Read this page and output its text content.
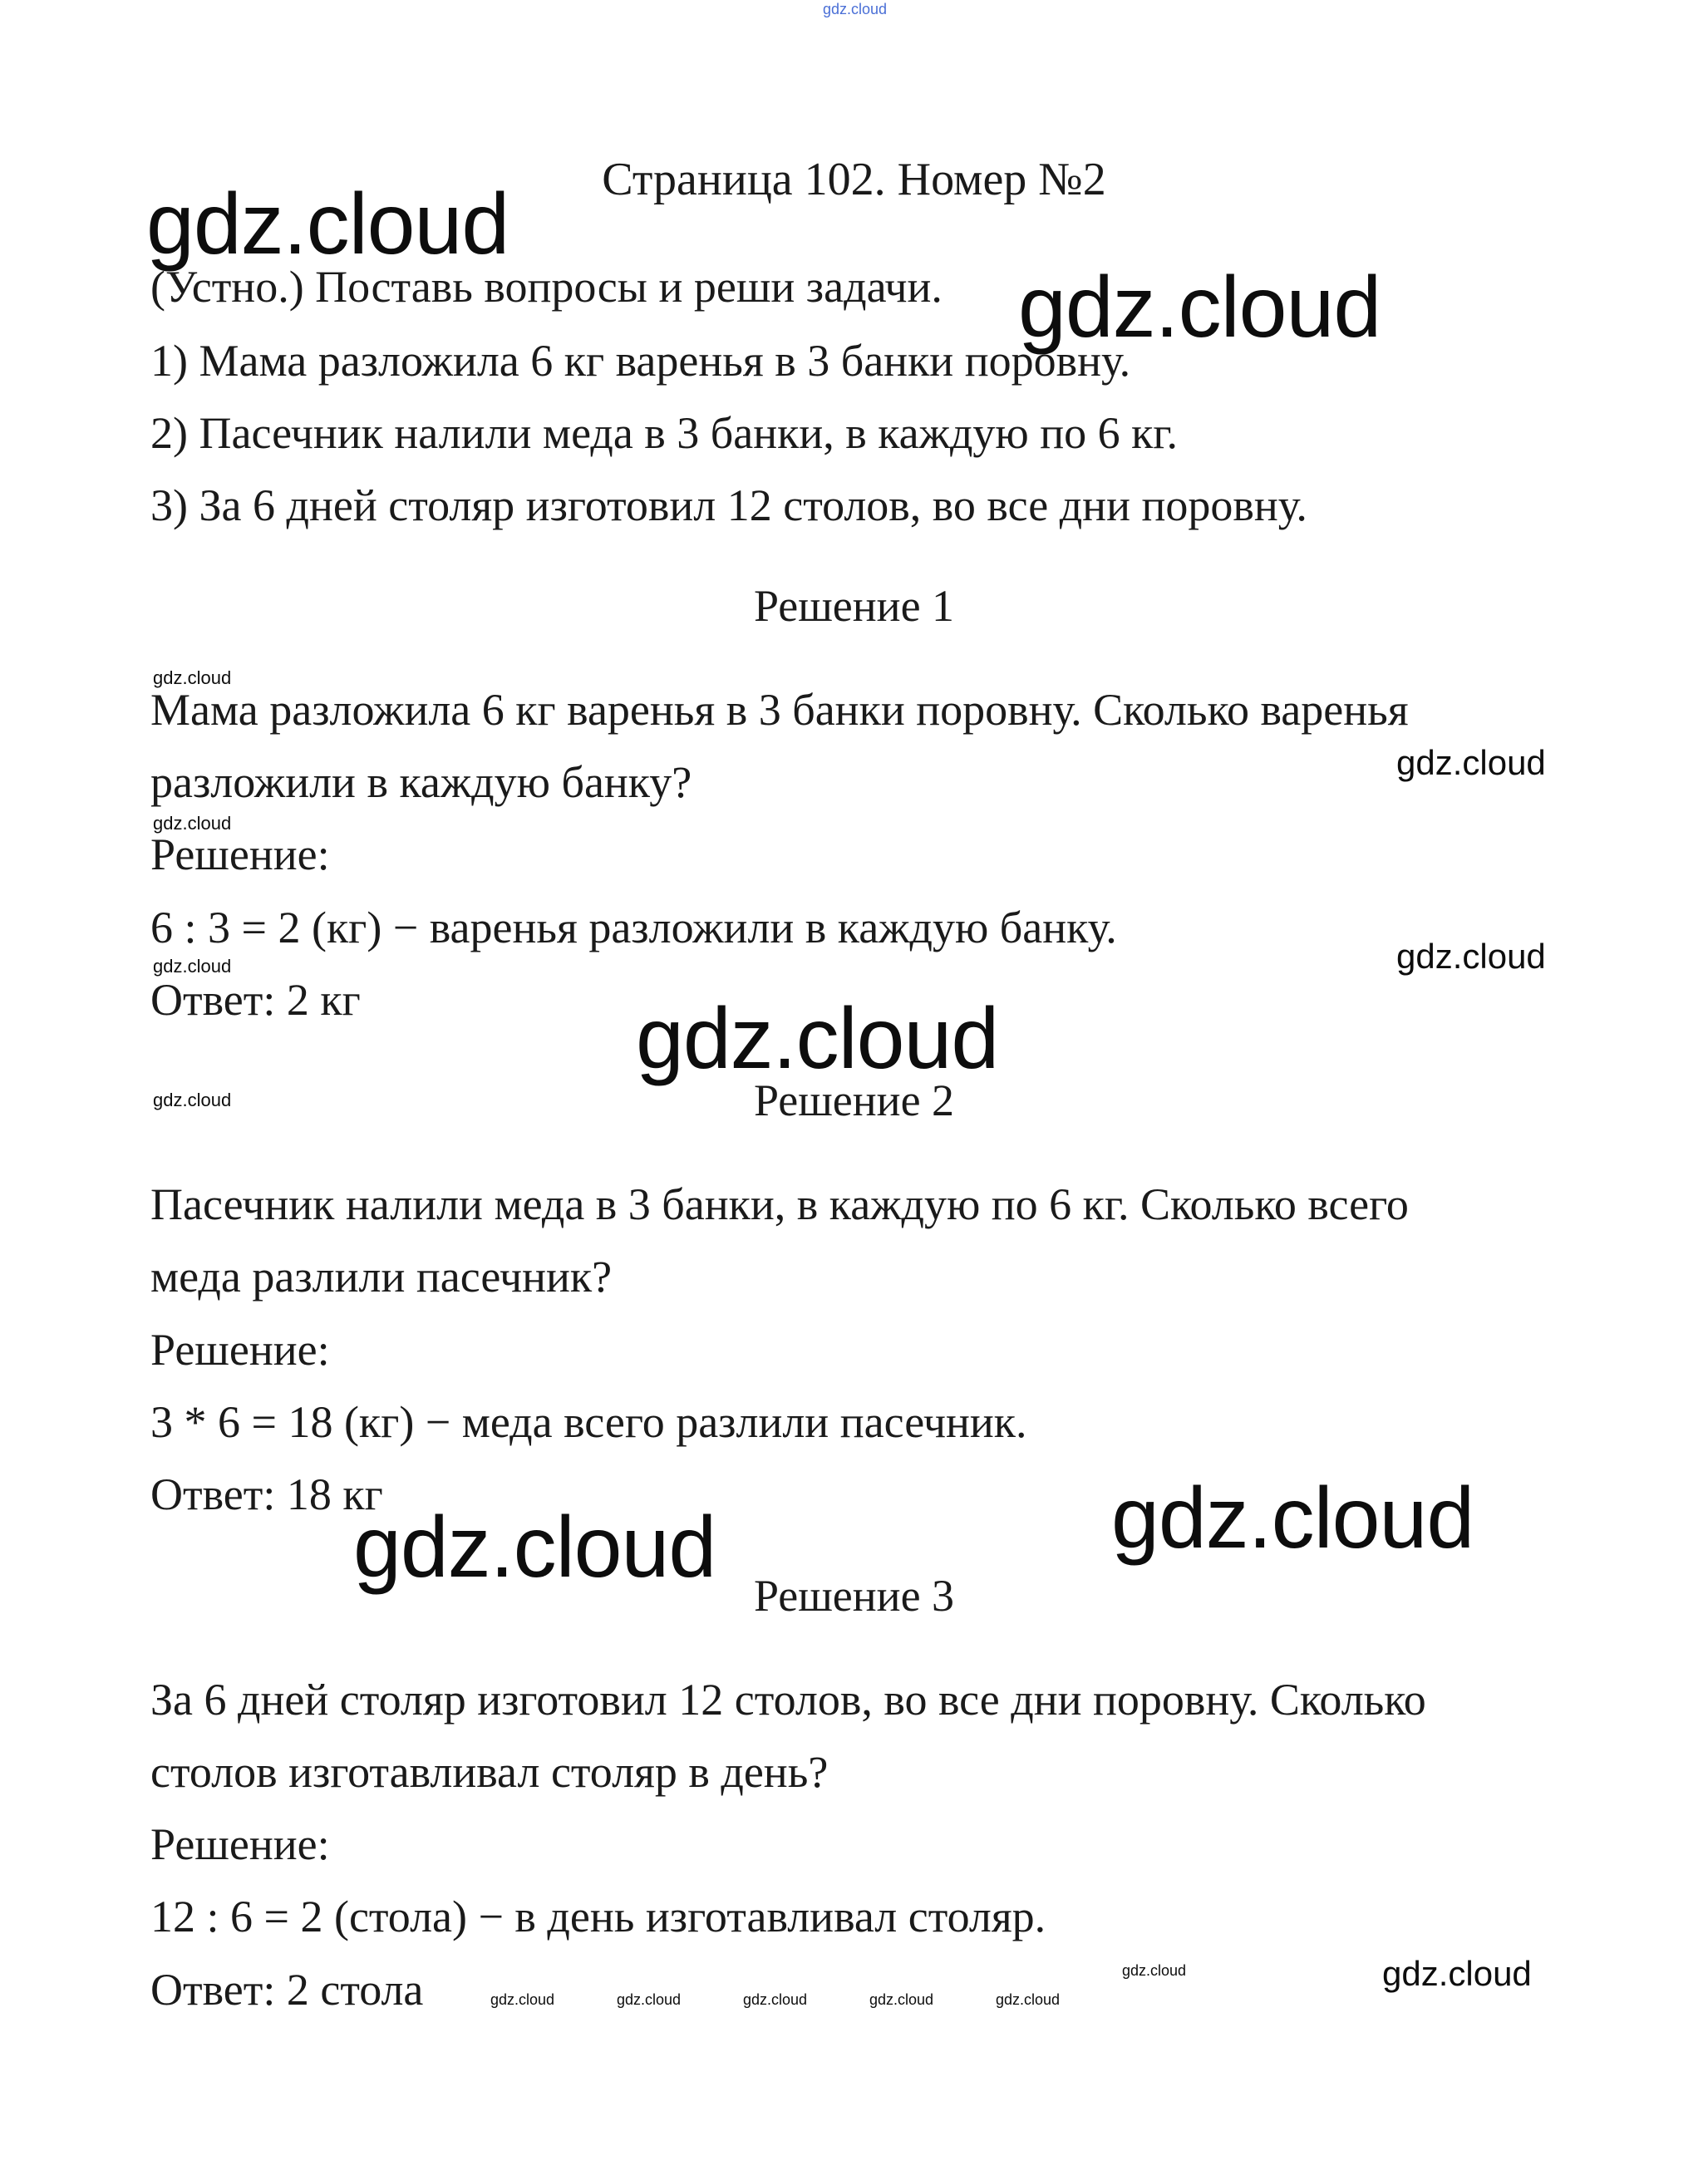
Страница 102. Номер №2

(Устно.) Поставь вопросы и реши задачи.

1) Мама разложила 6 кг варенья в 3 банки поровну.

2) Пасечник налили меда в 3 банки, в каждую по 6 кг.

3) За 6 дней столяр изготовил 12 столов, во все дни поровну.

Решение 1

Мама разложила 6 кг варенья в 3 банки поровну. Сколько варенья

разложили в каждую банку?

Решение:

6 : 3 = 2 (кг) − варенья разложили в каждую банку.

Ответ: 2 кг

Решение 2

Пасечник налили меда в 3 банки, в каждую по 6 кг. Сколько всего

меда разлили пасечник?

Решение:

3 * 6 = 18 (кг) − меда всего разлили пасечник.

Ответ: 18 кг

Решение 3

За 6 дней столяр изготовил 12 столов, во все дни поровну. Сколько

столов изготавливал столяр в день?

Решение:

12 : 6 = 2 (стола) − в день изготавливал столяр.

Ответ: 2 стола

gdz.cloud
gdz.cloud
gdz.cloud
gdz.cloud
gdz.cloud	gdz.cloud
gdz.cloud
gdz.cloud
gdz.cloud
gdz.cloud
gdz.cloud
gdz.cloud
gdz.cloud
gdz.cloud	gdz.cloud	gdz.cloud	gdz.cloud	gdz.cloud
gdz.cloud
